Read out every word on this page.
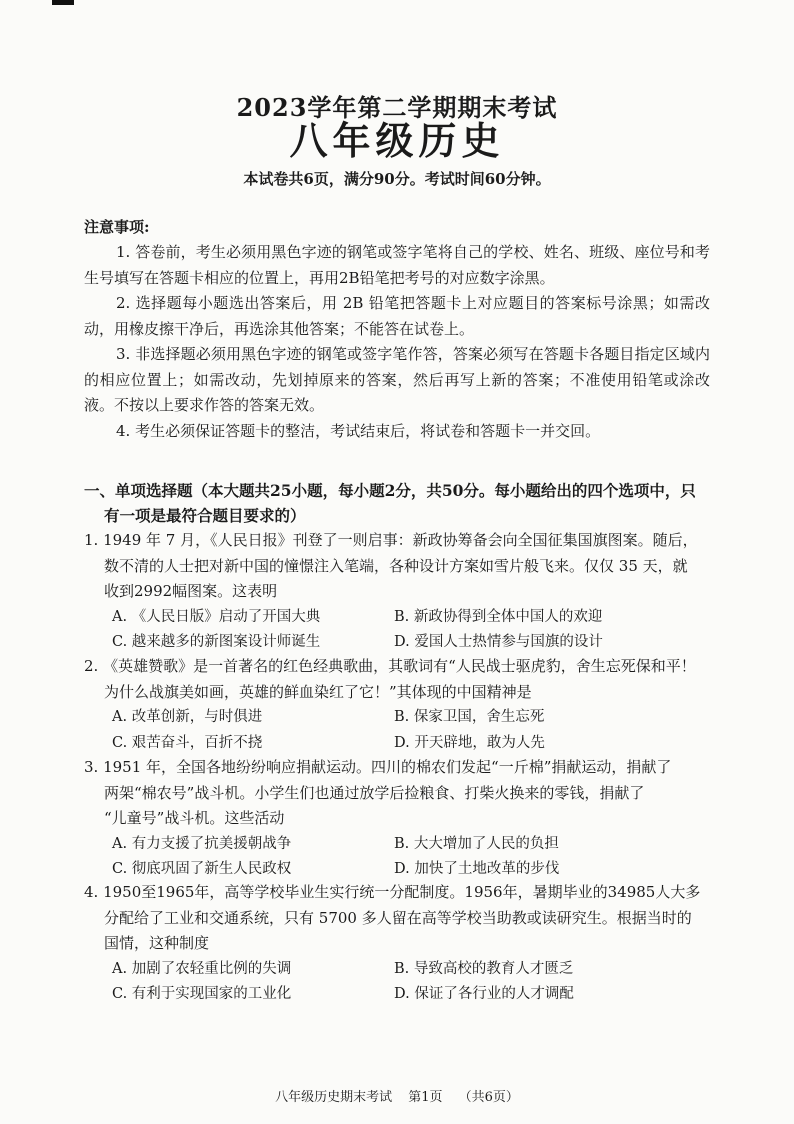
2023学年第二学期期末考试
八年级历史
本试卷共6页，满分90分。考试时间60分钟。
注意事项:
1. 答卷前，考生必须用黑色字迹的钢笔或签字笔将自己的学校、姓名、班级、座位号和考生号填写在答题卡相应的位置上，再用2B铅笔把考号的对应数字涂黑。
2. 选择题每小题选出答案后，用 2B 铅笔把答题卡上对应题目的答案标号涂黑；如需改动，用橡皮擦干净后，再选涂其他答案；不能答在试卷上。
3. 非选择题必须用黑色字迹的钢笔或签字笔作答，答案必须写在答题卡各题目指定区域内的相应位置上；如需改动，先划掉原来的答案，然后再写上新的答案；不准使用铅笔或涂改液。不按以上要求作答的答案无效。
4. 考生必须保证答题卡的整洁，考试结束后，将试卷和答题卡一并交回。
一、单项选择题（本大题共25小题，每小题2分，共50分。每小题给出的四个选项中，只
有一项是最符合题目要求的）
1. 1949 年 7 月，《人民日报》刊登了一则启事：新政协筹备会向全国征集国旗图案。随后，
数不清的人士把对新中国的憧憬注入笔端，各种设计方案如雪片般飞来。仅仅 35 天，就
收到2992幅图案。这表明
A. 《人民日版》启动了开国大典	B. 新政协得到全体中国人的欢迎
C. 越来越多的新图案设计师诞生	D. 爱国人士热情参与国旗的设计
2. 《英雄赞歌》是一首著名的红色经典歌曲，其歌词有“人民战士驱虎豹，舍生忘死保和平！
为什么战旗美如画，英雄的鲜血染红了它！”其体现的中国精神是
A. 改革创新，与时俱进	B. 保家卫国，舍生忘死
C. 艰苦奋斗，百折不挠	D. 开天辟地，敢为人先
3. 1951 年，全国各地纷纷响应捐献运动。四川的棉农们发起“一斤棉”捐献运动，捐献了
两架“棉农号”战斗机。小学生们也通过放学后捡粮食、打柴火换来的零钱，捐献了
“儿童号”战斗机。这些活动
A. 有力支援了抗美援朝战争	B. 大大增加了人民的负担
C. 彻底巩固了新生人民政权	D. 加快了土地改革的步伐
4. 1950至1965年，高等学校毕业生实行统一分配制度。1956年，暑期毕业的34985人大多
分配给了工业和交通系统，只有 5700 多人留在高等学校当助教或读研究生。根据当时的
国情，这种制度
A. 加剧了农轻重比例的失调	B. 导致高校的教育人才匮乏
C. 有利于实现国家的工业化	D. 保证了各行业的人才调配
八年级历史期末考试 第1页 （共6页）
